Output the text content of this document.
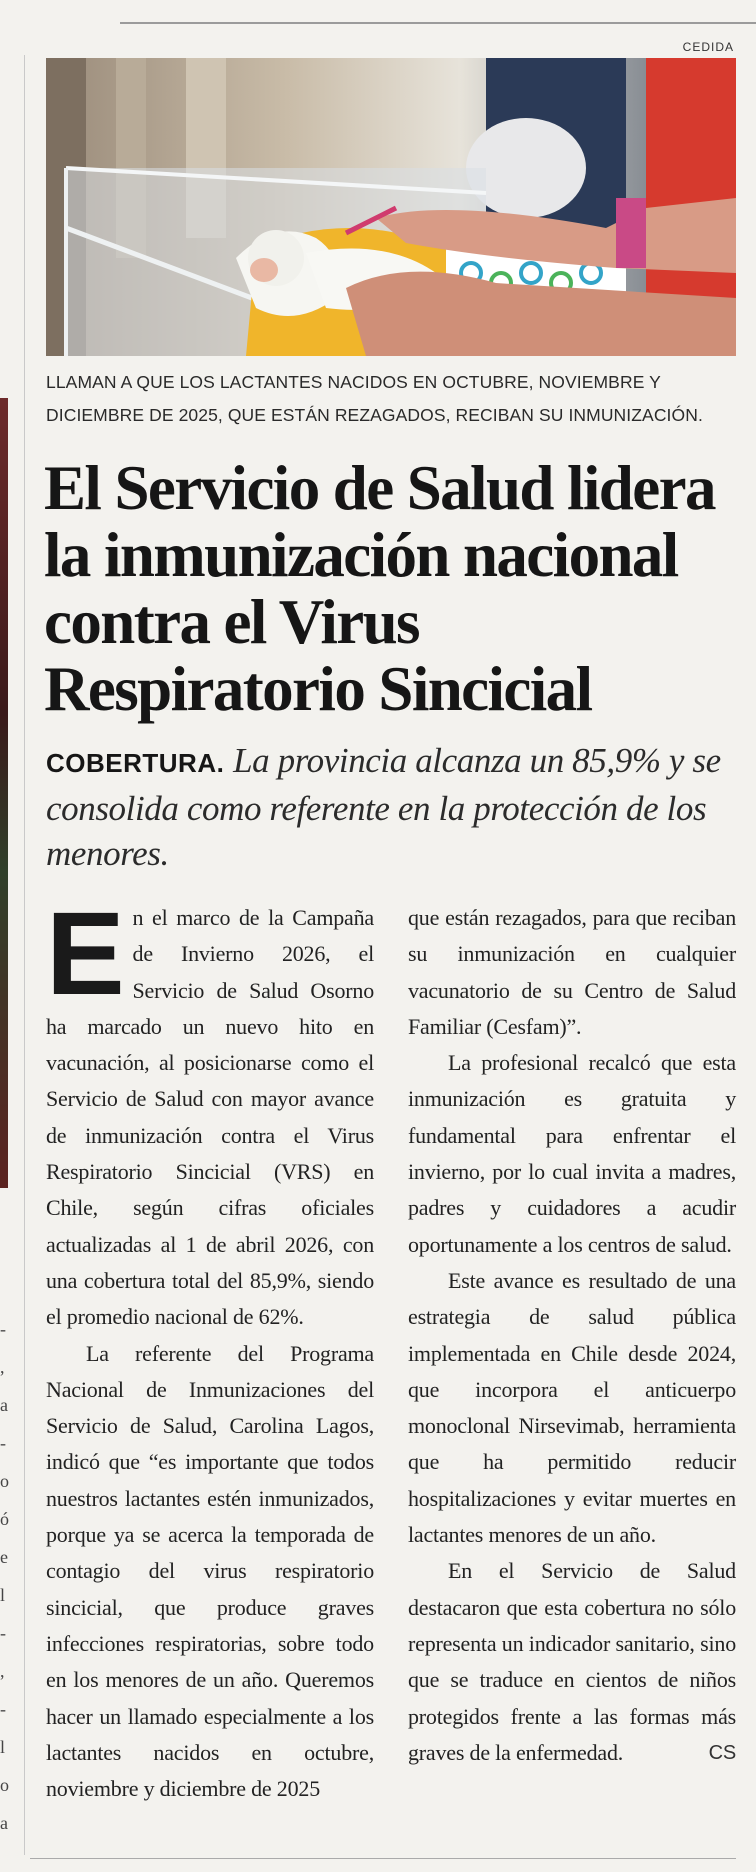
-
,
a
-
o
ó
e
l
-
,
-
l
o
a
CEDIDA
LLAMAN A QUE LOS LACTANTES NACIDOS EN OCTUBRE, NOVIEMBRE Y DICIEMBRE DE 2025, QUE ESTÁN REZAGADOS, RECIBAN SU INMUNIZACIÓN.
El Servicio de Salud lidera la inmunización nacional contra el Virus Respiratorio Sincicial

COBERTURA. La provincia alcanza un 85,9% y se consolida como referente en la protección de los menores.

En el marco de la Campaña de Invierno 2026, el Servicio de Salud Osorno ha marcado un nuevo hito en vacunación, al posicionarse como el Servicio de Salud con mayor avance de inmunización contra el Virus Respiratorio Sincicial (VRS) en Chile, según cifras oficiales actualizadas al 1 de abril 2026, con una cobertura total del 85,9%, siendo el promedio nacional de 62%.

La referente del Programa Nacional de Inmunizaciones del Servicio de Salud, Carolina Lagos, indicó que “es importante que todos nuestros lactantes estén inmunizados, porque ya se acerca la temporada de contagio del virus respiratorio sincicial, que produce graves infecciones respiratorias, sobre todo en los menores de un año. Queremos hacer un llamado especialmente a los lactantes nacidos en octubre, noviembre y diciembre de 2025

que están rezagados, para que reciban su inmunización en cualquier vacunatorio de su Centro de Salud Familiar (Cesfam)”.

La profesional recalcó que esta inmunización es gratuita y fundamental para enfrentar el invierno, por lo cual invita a madres, padres y cuidadores a acudir oportunamente a los centros de salud.

Este avance es resultado de una estrategia de salud pública implementada en Chile desde 2024, que incorpora el anticuerpo monoclonal Nirsevimab, herramienta que ha permitido reducir hospitalizaciones y evitar muertes en lactantes menores de un año.

En el Servicio de Salud destacaron que esta cobertura no sólo representa un indicador sanitario, sino que se traduce en cientos de niños protegidos frente a las formas más graves de la enfermedad.	CS
